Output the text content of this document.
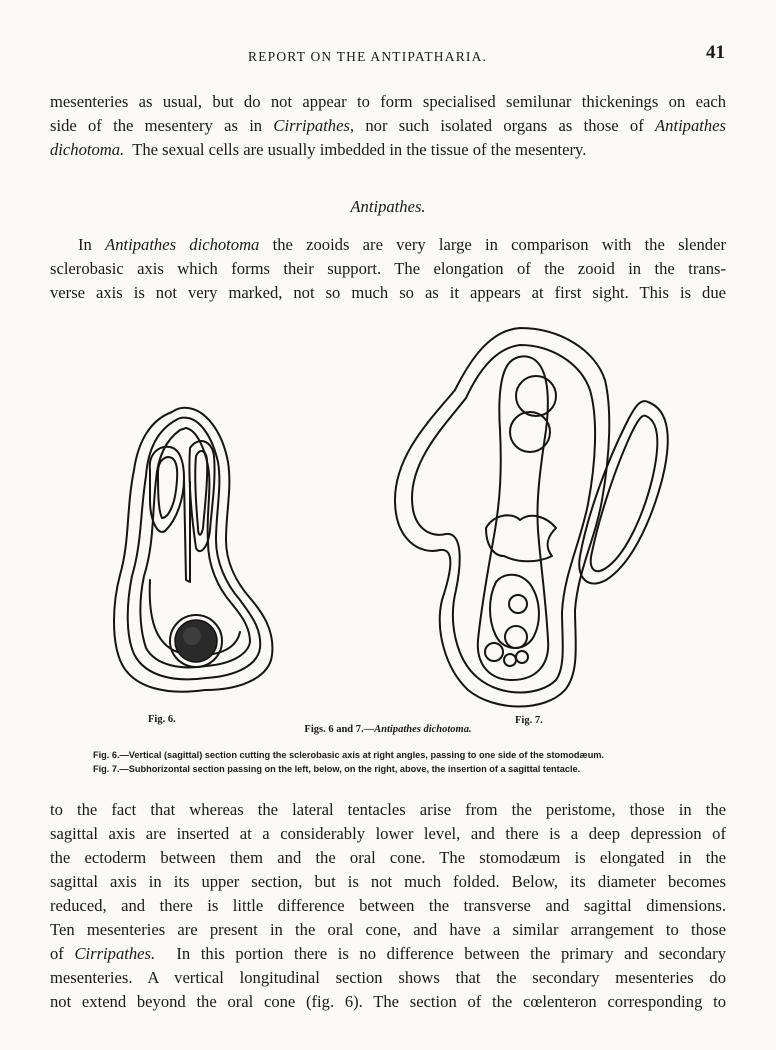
REPORT ON THE ANTIPATHARIA.	41
mesenteries as usual, but do not appear to form specialised semilunar thickenings on each
side of the mesentery as in Cirripathes, nor such isolated organs as those of Antipathes
dichotoma.  The sexual cells are usually imbedded in the tissue of the mesentery.
Antipathes.
In Antipathes dichotoma the zooids are very large in comparison with the slender
sclerobasic axis which forms their support. The elongation of the zooid in the trans-
verse axis is not very marked, not so much so as it appears at first sight. This is due
Fig. 6.	Fig. 7.
Figs. 6 and 7.—Antipathes dichotoma.
Fig. 6.—Vertical (sagittal) section cutting the sclerobasic axis at right angles, passing to one side of the stomodæum.
Fig. 7.—Subhorizontal section passing on the left, below, on the right, above, the insertion of a sagittal tentacle.
to the fact that whereas the lateral tentacles arise from the peristome, those in the
sagittal axis are inserted at a considerably lower level, and there is a deep depression of
the ectoderm between them and the oral cone. The stomodæum is elongated in the
sagittal axis in its upper section, but is not much folded. Below, its diameter becomes
reduced, and there is little difference between the transverse and sagittal dimensions.
Ten mesenteries are present in the oral cone, and have a similar arrangement to those
of Cirripathes.  In this portion there is no difference between the primary and secondary
mesenteries. A vertical longitudinal section shows that the secondary mesenteries do
not extend beyond the oral cone (fig. 6). The section of the cœlenteron corresponding to
